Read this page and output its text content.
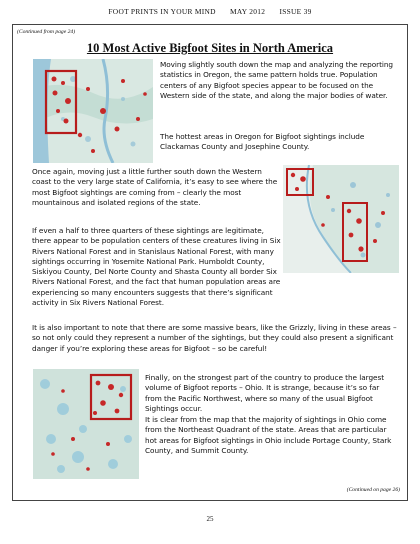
FOOT PRINTS IN YOUR MIND MAY 2012 ISSUE 39
(Continued from page 24)
10 Most Active Bigfoot Sites in North America

Moving slightly south down the map and analyzing the reporting statistics in Oregon, the same pattern holds true. Population centers of any Bigfoot species appear to be focused on the Western side of the state, and along the major bodies of water.

The hottest areas in Oregon for Bigfoot sightings include Clackamas County and Josephine County.

Once again, moving just a little further south down the Western coast to the very large state of California, it’s easy to see where the most Bigfoot sightings are coming from – clearly the most mountainous and isolated regions of the state.

If even a half to three quarters of these sightings are legitimate, there appear to be population centers of these creatures living in Six Rivers National Forest and in Stanislaus National Forest, with many sightings occurring in Yosemite National Park. Humboldt County, Siskiyou County, Del Norte County and Shasta County all border Six Rivers National Forest, and the fact that human population areas are experiencing so many encounters suggests that there’s significant activity in Six Rivers National Forest.

It is also important to note that there are some massive bears, like the Grizzly, living in these areas – so not only could they represent a number of the sightings, but they could also present a significant danger if you’re exploring these areas for Bigfoot – so be careful!

Finally, on the strongest part of the country to produce the largest volume of Bigfoot reports – Ohio. It is strange, because it’s so far from the Pacific Northwest, where so many of the usual Bigfoot Sightings occur.

It is clear from the map that the majority of sightings in Ohio come from the Northeast Quadrant of the state. Areas that are particular hot areas for Bigfoot sightings in Ohio include Portage County, Stark County, and Summit County.

(Continued on page 26)
25
